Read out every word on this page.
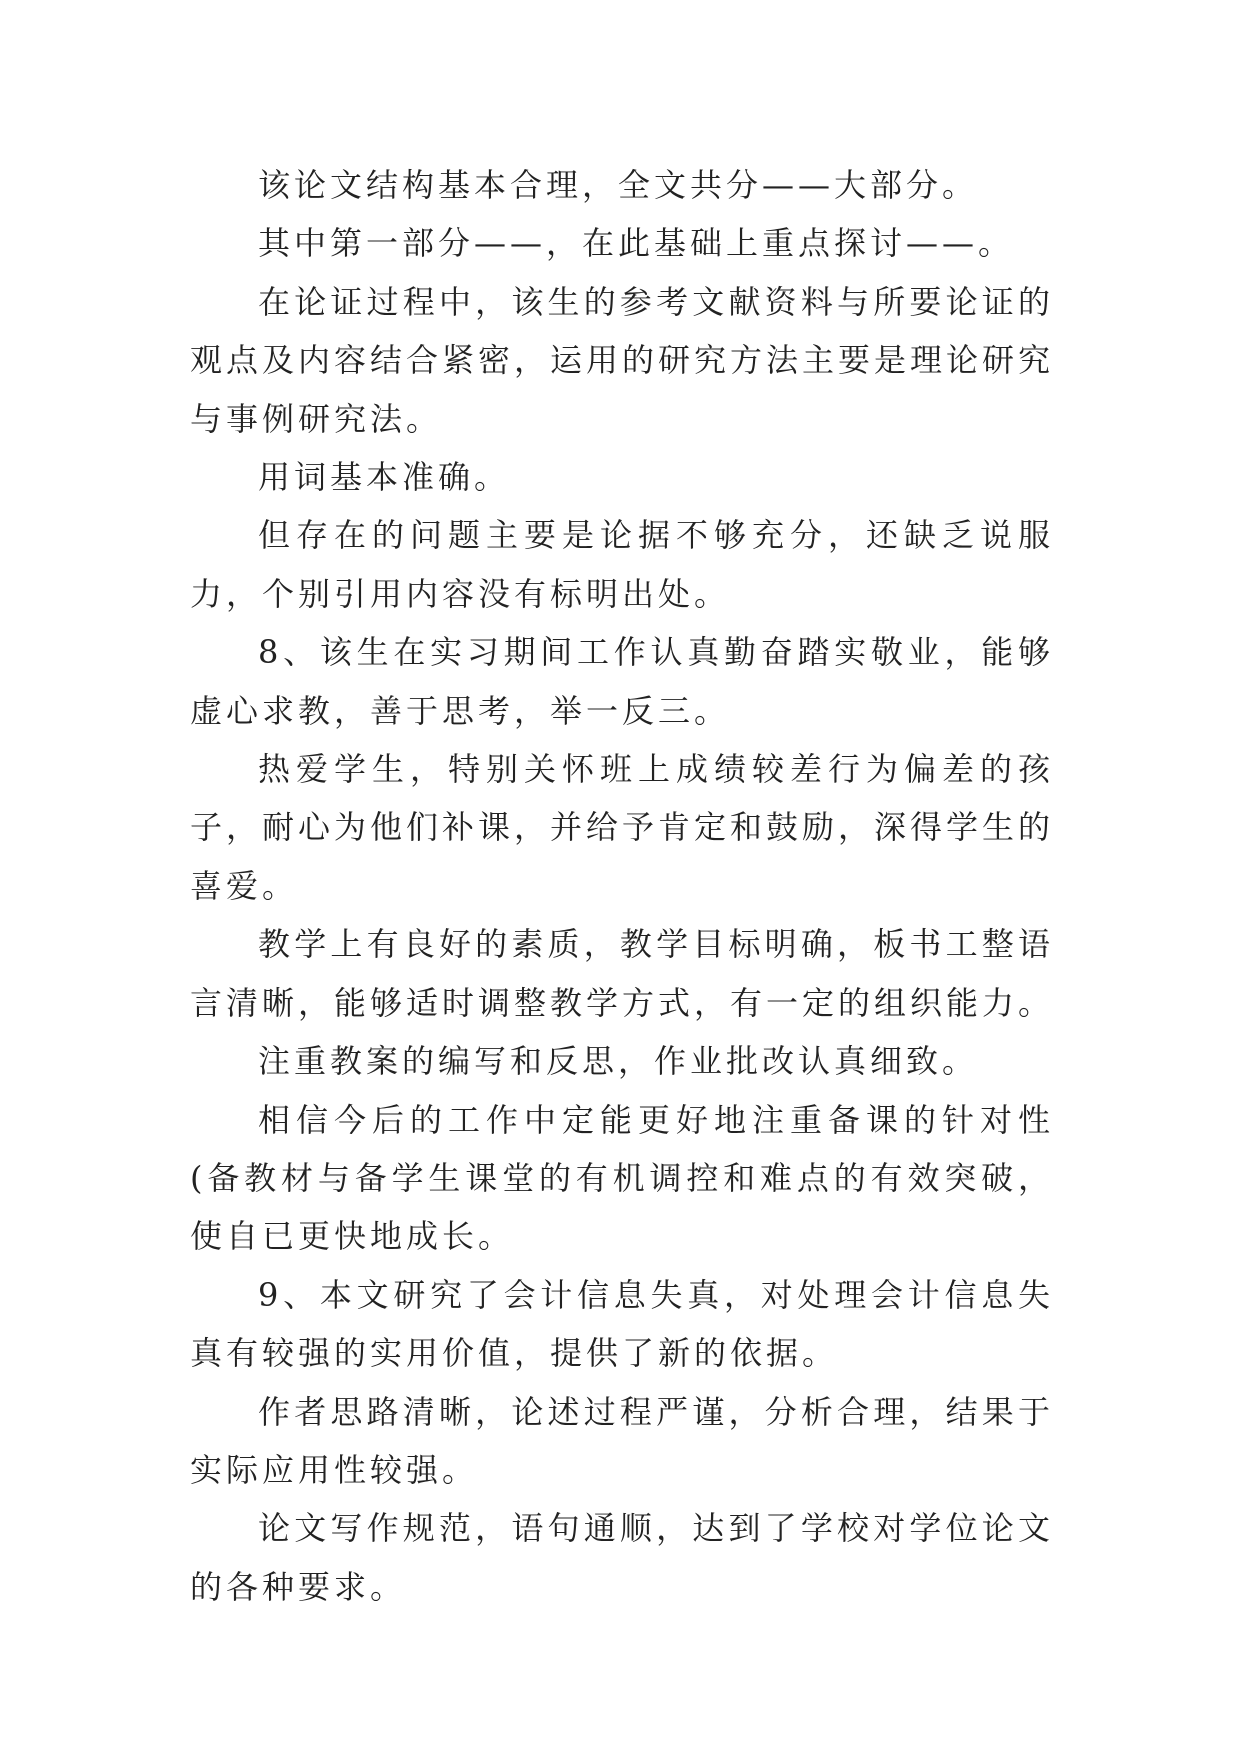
该论文结构基本合理，全文共分——大部分。

其中第一部分——，在此基础上重点探讨——。

在论证过程中，该生的参考文献资料与所要论证的观点及内容结合紧密，运用的研究方法主要是理论研究与事例研究法。

用词基本准确。

但存在的问题主要是论据不够充分，还缺乏说服力，个别引用内容没有标明出处。

8、该生在实习期间工作认真勤奋踏实敬业，能够虚心求教，善于思考，举一反三。

热爱学生，特别关怀班上成绩较差行为偏差的孩子，耐心为他们补课，并给予肯定和鼓励，深得学生的喜爱。

教学上有良好的素质，教学目标明确，板书工整语言清晰，能够适时调整教学方式，有一定的组织能力。

注重教案的编写和反思，作业批改认真细致。

相信今后的工作中定能更好地注重备课的针对性(备教材与备学生课堂的有机调控和难点的有效突破，使自已更快地成长。

9、本文研究了会计信息失真，对处理会计信息失真有较强的实用价值，提供了新的依据。

作者思路清晰，论述过程严谨，分析合理，结果于实际应用性较强。

论文写作规范，语句通顺，达到了学校对学位论文的各种要求。
